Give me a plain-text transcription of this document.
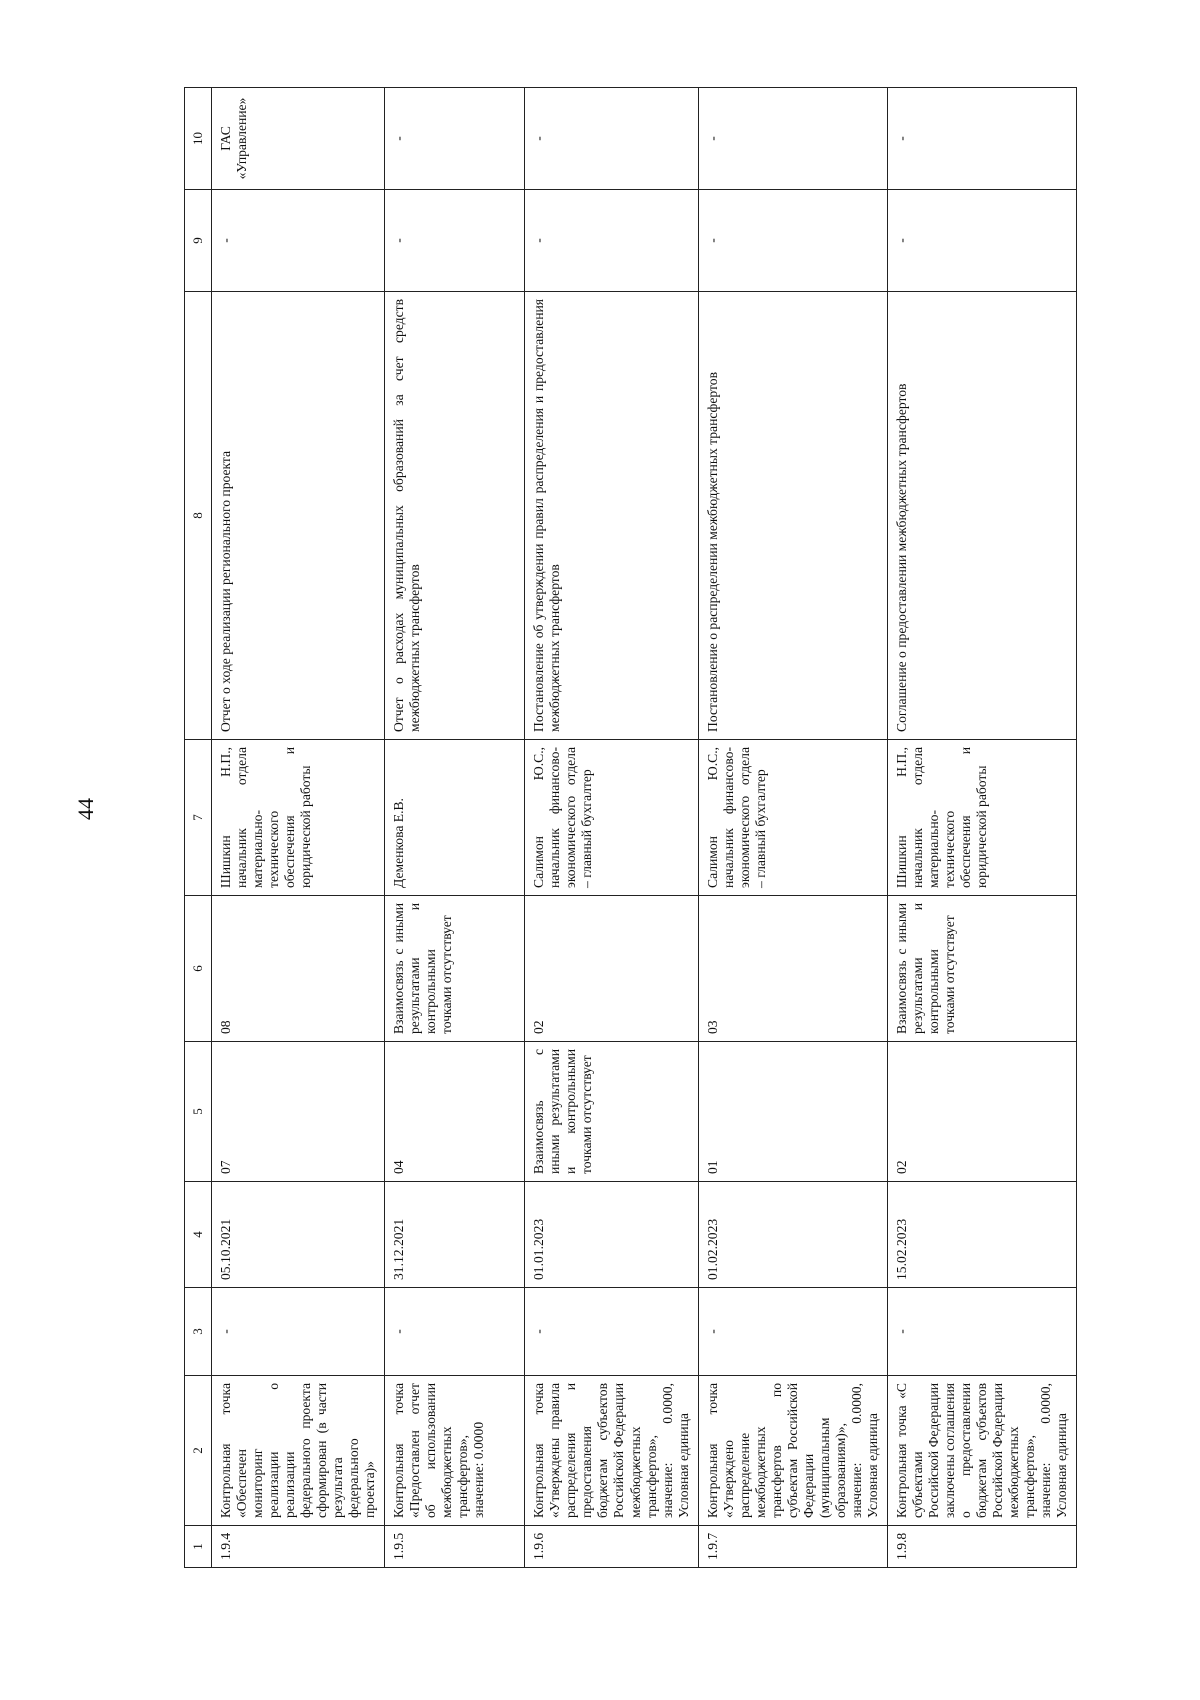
44
1	2	3	4	5	6	7	8	9	10
1.9.4	Контрольная точка «Обеспечен мониторинг реализации о реализации федерального проекта сформирован (в части результата федерального проекта)»	-	05.10.2021	07	08	Шишкин Н.П., начальник отдела материально-технического обеспечения и юридической работы	Отчет о ходе реализации регионального проекта	-	ГАС «Управление»
1.9.5	Контрольная точка «Предоставлен отчет об использовании межбюджетных трансфертов», значение: 0.0000	-	31.12.2021	04	Взаимосвязь с иными результатами и контрольными точками отсутствует	Деменкова Е.В.	Отчет о расходах муниципальных образований за счет средств межбюджетных трансфертов	-	-
1.9.6	Контрольная точка «Утверждены правила распределения и предоставления бюджетам субъектов Российской Федерации межбюджетных трансфертов», значение: 0.0000, Условная единица	-	01.01.2023	Взаимосвязь с иными результатами и контрольными точками отсутствует	02	Салимон Ю.С., начальник финансово-экономического отдела – главный бухгалтер	Постановление об утверждении правил распределения и предоставления межбюджетных трансфертов	-	-
1.9.7	Контрольная точка «Утверждено распределение межбюджетных трансфертов по субъектам Российской Федерации (муниципальным образованиям)», значение: 0.0000, Условная единица	-	01.02.2023	01	03	Салимон Ю.С., начальник финансово-экономического отдела – главный бухгалтер	Постановление о распределении межбюджетных трансфертов	-	-
1.9.8	Контрольная точка «С субъектами Российской Федерации заключены соглашения о предоставлении бюджетам субъектов Российской Федерации межбюджетных трансфертов», значение: 0.0000, Условная единица	-	15.02.2023	02	Взаимосвязь с иными результатами и контрольными точками отсутствует	Шишкин Н.П., начальник отдела материально-технического обеспечения и юридической работы	Соглашение о предоставлении межбюджетных трансфертов	-	-
